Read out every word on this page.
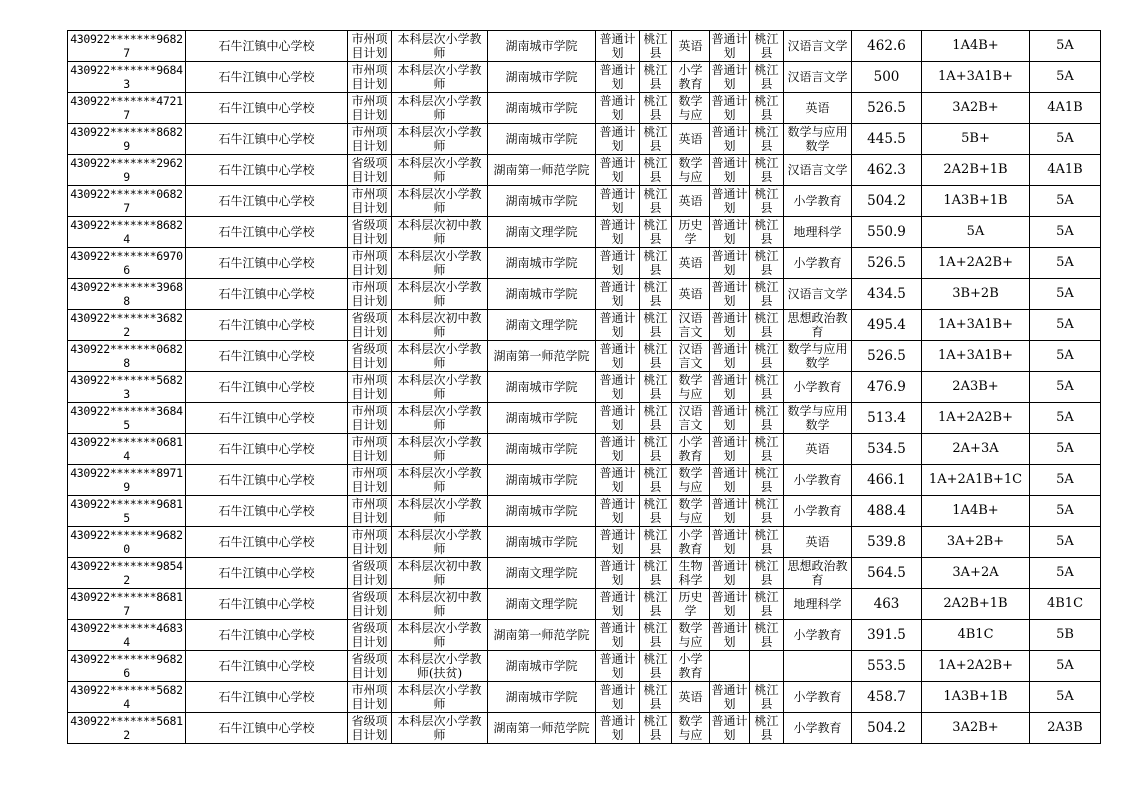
430922*******96827	石牛江镇中心学校	市州项目计划	本科层次小学教师	湖南城市学院	普通计划	桃江县	英语	普通计划	桃江县	汉语言文学	462.6	1A4B+	5A
430922*******96843	石牛江镇中心学校	市州项目计划	本科层次小学教师	湖南城市学院	普通计划	桃江县	小学教育	普通计划	桃江县	汉语言文学	500	1A+3A1B+	5A
430922*******47217	石牛江镇中心学校	市州项目计划	本科层次小学教师	湖南城市学院	普通计划	桃江县	数学与应	普通计划	桃江县	英语	526.5	3A2B+	4A1B
430922*******86829	石牛江镇中心学校	市州项目计划	本科层次小学教师	湖南城市学院	普通计划	桃江县	英语	普通计划	桃江县	数学与应用数学	445.5	5B+	5A
430922*******29629	石牛江镇中心学校	省级项目计划	本科层次小学教师	湖南第一师范学院	普通计划	桃江县	数学与应	普通计划	桃江县	汉语言文学	462.3	2A2B+1B	4A1B
430922*******06827	石牛江镇中心学校	市州项目计划	本科层次小学教师	湖南城市学院	普通计划	桃江县	英语	普通计划	桃江县	小学教育	504.2	1A3B+1B	5A
430922*******86824	石牛江镇中心学校	省级项目计划	本科层次初中教师	湖南文理学院	普通计划	桃江县	历史学	普通计划	桃江县	地理科学	550.9	5A	5A
430922*******69706	石牛江镇中心学校	市州项目计划	本科层次小学教师	湖南城市学院	普通计划	桃江县	英语	普通计划	桃江县	小学教育	526.5	1A+2A2B+	5A
430922*******39688	石牛江镇中心学校	市州项目计划	本科层次小学教师	湖南城市学院	普通计划	桃江县	英语	普通计划	桃江县	汉语言文学	434.5	3B+2B	5A
430922*******36822	石牛江镇中心学校	省级项目计划	本科层次初中教师	湖南文理学院	普通计划	桃江县	汉语言文	普通计划	桃江县	思想政治教育	495.4	1A+3A1B+	5A
430922*******06828	石牛江镇中心学校	省级项目计划	本科层次小学教师	湖南第一师范学院	普通计划	桃江县	汉语言文	普通计划	桃江县	数学与应用数学	526.5	1A+3A1B+	5A
430922*******56823	石牛江镇中心学校	市州项目计划	本科层次小学教师	湖南城市学院	普通计划	桃江县	数学与应	普通计划	桃江县	小学教育	476.9	2A3B+	5A
430922*******36845	石牛江镇中心学校	市州项目计划	本科层次小学教师	湖南城市学院	普通计划	桃江县	汉语言文	普通计划	桃江县	数学与应用数学	513.4	1A+2A2B+	5A
430922*******06814	石牛江镇中心学校	市州项目计划	本科层次小学教师	湖南城市学院	普通计划	桃江县	小学教育	普通计划	桃江县	英语	534.5	2A+3A	5A
430922*******89719	石牛江镇中心学校	市州项目计划	本科层次小学教师	湖南城市学院	普通计划	桃江县	数学与应	普通计划	桃江县	小学教育	466.1	1A+2A1B+1C	5A
430922*******96815	石牛江镇中心学校	市州项目计划	本科层次小学教师	湖南城市学院	普通计划	桃江县	数学与应	普通计划	桃江县	小学教育	488.4	1A4B+	5A
430922*******96820	石牛江镇中心学校	市州项目计划	本科层次小学教师	湖南城市学院	普通计划	桃江县	小学教育	普通计划	桃江县	英语	539.8	3A+2B+	5A
430922*******98542	石牛江镇中心学校	省级项目计划	本科层次初中教师	湖南文理学院	普通计划	桃江县	生物科学	普通计划	桃江县	思想政治教育	564.5	3A+2A	5A
430922*******86817	石牛江镇中心学校	省级项目计划	本科层次初中教师	湖南文理学院	普通计划	桃江县	历史学	普通计划	桃江县	地理科学	463	2A2B+1B	4B1C
430922*******46834	石牛江镇中心学校	省级项目计划	本科层次小学教师	湖南第一师范学院	普通计划	桃江县	数学与应	普通计划	桃江县	小学教育	391.5	4B1C	5B
430922*******96826	石牛江镇中心学校	省级项目计划	本科层次小学教师(扶贫)	湖南城市学院	普通计划	桃江县	小学教育				553.5	1A+2A2B+	5A
430922*******56824	石牛江镇中心学校	市州项目计划	本科层次小学教师	湖南城市学院	普通计划	桃江县	英语	普通计划	桃江县	小学教育	458.7	1A3B+1B	5A
430922*******56812	石牛江镇中心学校	省级项目计划	本科层次小学教师	湖南第一师范学院	普通计划	桃江县	数学与应	普通计划	桃江县	小学教育	504.2	3A2B+	2A3B
